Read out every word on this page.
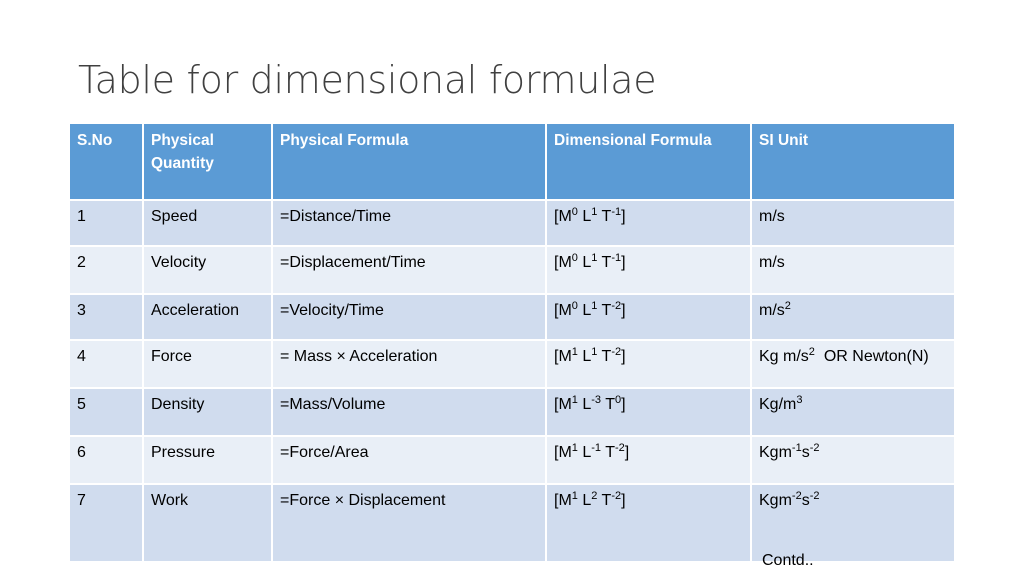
Table for dimensional formulae
S.No	Physical Quantity	Physical Formula	Dimensional Formula	SI Unit
1	Speed	=Distance/Time	[$M^0$ $L^1$ $T^{-1}$]	m/s
2	Velocity	=Displacement/Time	[$M^0$ $L^1$ $T^{-1}$]	m/s
3	Acceleration	=Velocity/Time	[$M^0$ $L^1$ $T^{-2}$]	$m/s^2$
4	Force	= Mass × Acceleration	[$M^1$ $L^1$ $T^{-2}$]	Kg $m/s^2$  OR Newton(N)
5	Density	=Mass/Volume	[$M^1$ $L^{-3}$ $T^0$]	$Kg/m^3$
6	Pressure	=Force/Area	[$M^1$ $L^{-1}$ $T^{-2}$]	$Kgm^{-1}s^{-2}$
7	Work	=Force × Displacement	[$M^1$ $L^2$ $T^{-2}$]	$Kgm^{-2}s^{-2}$
Contd..
